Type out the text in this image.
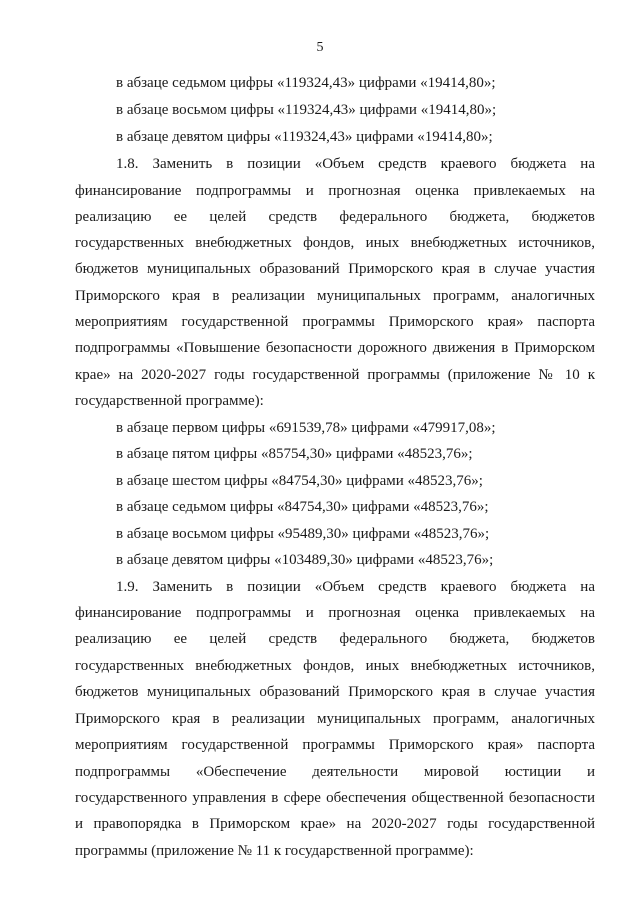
5
в абзаце седьмом цифры «119324,43» цифрами «19414,80»;
в абзаце восьмом цифры «119324,43» цифрами «19414,80»;
в абзаце девятом цифры «119324,43» цифрами «19414,80»;
1.8. Заменить в позиции «Объем средств краевого бюджета на
финансирование подпрограммы и прогнозная оценка привлекаемых на
реализацию ее целей средств федерального бюджета, бюджетов
государственных внебюджетных фондов, иных внебюджетных источников,
бюджетов муниципальных образований Приморского края в случае участия
Приморского края в реализации муниципальных программ, аналогичных
мероприятиям государственной программы Приморского края» паспорта
подпрограммы «Повышение безопасности дорожного движения в Приморском
крае» на 2020-2027 годы государственной программы (приложение № 10 к
государственной программе):
в абзаце первом цифры «691539,78» цифрами «479917,08»;
в абзаце пятом цифры «85754,30» цифрами «48523,76»;
в абзаце шестом цифры «84754,30» цифрами «48523,76»;
в абзаце седьмом цифры «84754,30» цифрами «48523,76»;
в абзаце восьмом цифры «95489,30» цифрами «48523,76»;
в абзаце девятом цифры «103489,30» цифрами «48523,76»;
1.9. Заменить в позиции «Объем средств краевого бюджета на
финансирование подпрограммы и прогнозная оценка привлекаемых на
реализацию ее целей средств федерального бюджета, бюджетов
государственных внебюджетных фондов, иных внебюджетных источников,
бюджетов муниципальных образований Приморского края в случае участия
Приморского края в реализации муниципальных программ, аналогичных
мероприятиям государственной программы Приморского края» паспорта
подпрограммы «Обеспечение деятельности мировой юстиции и
государственного управления в сфере обеспечения общественной безопасности
и правопорядка в Приморском крае» на 2020-2027 годы государственной
программы (приложение № 11 к государственной программе):
